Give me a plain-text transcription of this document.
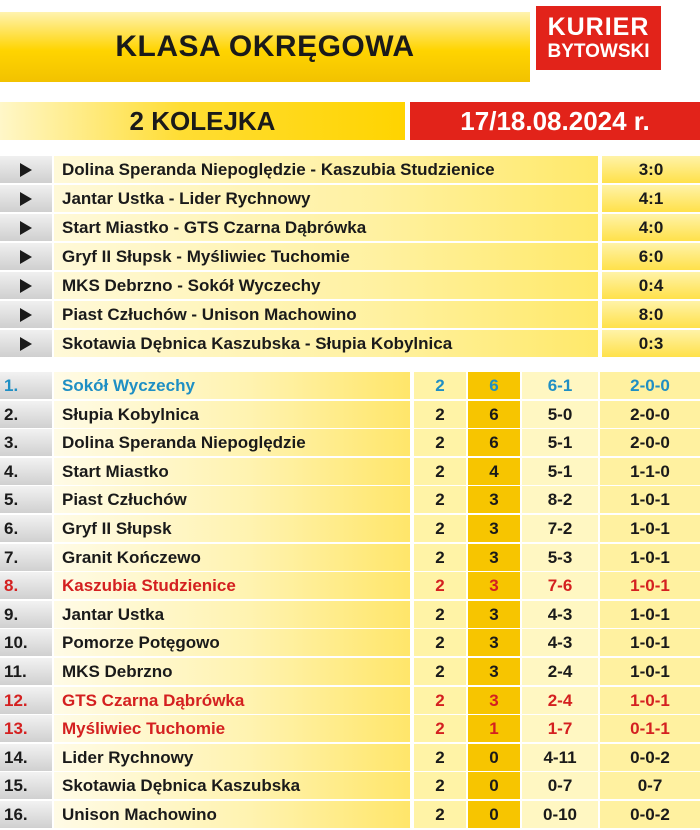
KLASA OKRĘGOWA
KURIER
BYTOWSKI
2 KOLEJKA	17/18.08.2024 r.
Dolina Speranda Niepoględzie - Kaszubia Studzienice	3:0
Jantar Ustka - Lider Rychnowy	4:1
Start Miastko - GTS Czarna Dąbrówka	4:0
Gryf II Słupsk - Myśliwiec Tuchomie	6:0
MKS Debrzno - Sokół Wyczechy	0:4
Piast Człuchów - Unison Machowino	8:0
Skotawia Dębnica Kaszubska - Słupia Kobylnica	0:3
1.	Sokół Wyczechy	2	6	6-1	2-0-0
2.	Słupia Kobylnica	2	6	5-0	2-0-0
3.	Dolina Speranda Niepoględzie	2	6	5-1	2-0-0
4.	Start Miastko	2	4	5-1	1-1-0
5.	Piast Człuchów	2	3	8-2	1-0-1
6.	Gryf II Słupsk	2	3	7-2	1-0-1
7.	Granit Kończewo	2	3	5-3	1-0-1
8.	Kaszubia Studzienice	2	3	7-6	1-0-1
9.	Jantar Ustka	2	3	4-3	1-0-1
10.	Pomorze Potęgowo	2	3	4-3	1-0-1
11.	MKS Debrzno	2	3	2-4	1-0-1
12.	GTS Czarna Dąbrówka	2	3	2-4	1-0-1
13.	Myśliwiec Tuchomie	2	1	1-7	0-1-1
14.	Lider Rychnowy	2	0	4-11	0-0-2
15.	Skotawia Dębnica Kaszubska	2	0	0-7	0-7
16.	Unison Machowino	2	0	0-10	0-0-2
